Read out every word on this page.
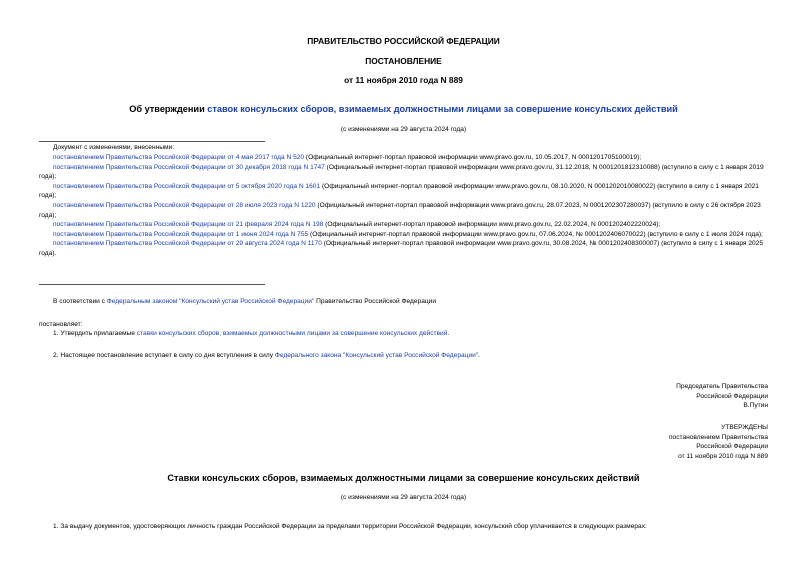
ПРАВИТЕЛЬСТВО РОССИЙСКОЙ ФЕДЕРАЦИИ
ПОСТАНОВЛЕНИЕ
от 11 ноября 2010 года N 889
Об утверждении ставок консульских сборов, взимаемых должностными лицами за совершение консульских действий
(с изменениями на 29 августа 2024 года)
Документ с изменениями, внесенными:
постановлением Правительства Российской Федерации от 4 мая 2017 года N 520 (Официальный интернет-портал правовой информации www.pravo.gov.ru, 10.05.2017, N 0001201705100019);
постановлением Правительства Российской Федерации от 30 декабря 2018 года N 1747 (Официальный интернет-портал правовой информации www.pravo.gov.ru, 31.12.2018, N 0001201812310088) (вступило в силу с 1 января 2019 года);
постановлением Правительства Российской Федерации от 5 октября 2020 года N 1601 (Официальный интернет-портал правовой информации www.pravo.gov.ru, 08.10.2020, N 0001202010080022) (вступило в силу с 1 января 2021 года);
постановлением Правительства Российской Федерации от 28 июля 2023 года N 1220 (Официальный интернет-портал правовой информации www.pravo.gov.ru, 28.07.2023, N 0001202307280037) (вступило в силу с 26 октября 2023 года);
постановлением Правительства Российской Федерации от 21 февраля 2024 года N 198 (Официальный интернет-портал правовой информации www.pravo.gov.ru, 22.02.2024, N 0001202402220024);
постановлением Правительства Российской Федерации от 1 июня 2024 года N 755 (Официальный интернет-портал правовой информации www.pravo.gov.ru, 07.06.2024, № 0001202406070022) (вступило в силу с 1 июля 2024 года);
постановлением Правительства Российской Федерации от 29 августа 2024 года N 1170 (Официальный интернет-портал правовой информации www.pravo.gov.ru, 30.08.2024, № 0001202408300007) (вступило в силу с 1 января 2025 года).
В соответствии с Федеральным законом "Консульский устав Российской Федерации" Правительство Российской Федерации
постановляет:
1. Утвердить прилагаемые ставки консульских сборов, взимаемых должностными лицами за совершение консульских действий.
2. Настоящее постановление вступает в силу со дня вступления в силу Федерального закона "Консульский устав Российской Федерации".
Председатель Правительства
Российской Федерации
В.Путин
УТВЕРЖДЕНЫ
постановлением Правительства
Российской Федерации
от 11 ноября 2010 года N 889
Ставки консульских сборов, взимаемых должностными лицами за совершение консульских действий
(с изменениями на 29 августа 2024 года)
1. За выдачу документов, удостоверяющих личность граждан Российской Федерации за пределами территории Российской Федерации, консульский сбор уплачивается в следующих размерах:
